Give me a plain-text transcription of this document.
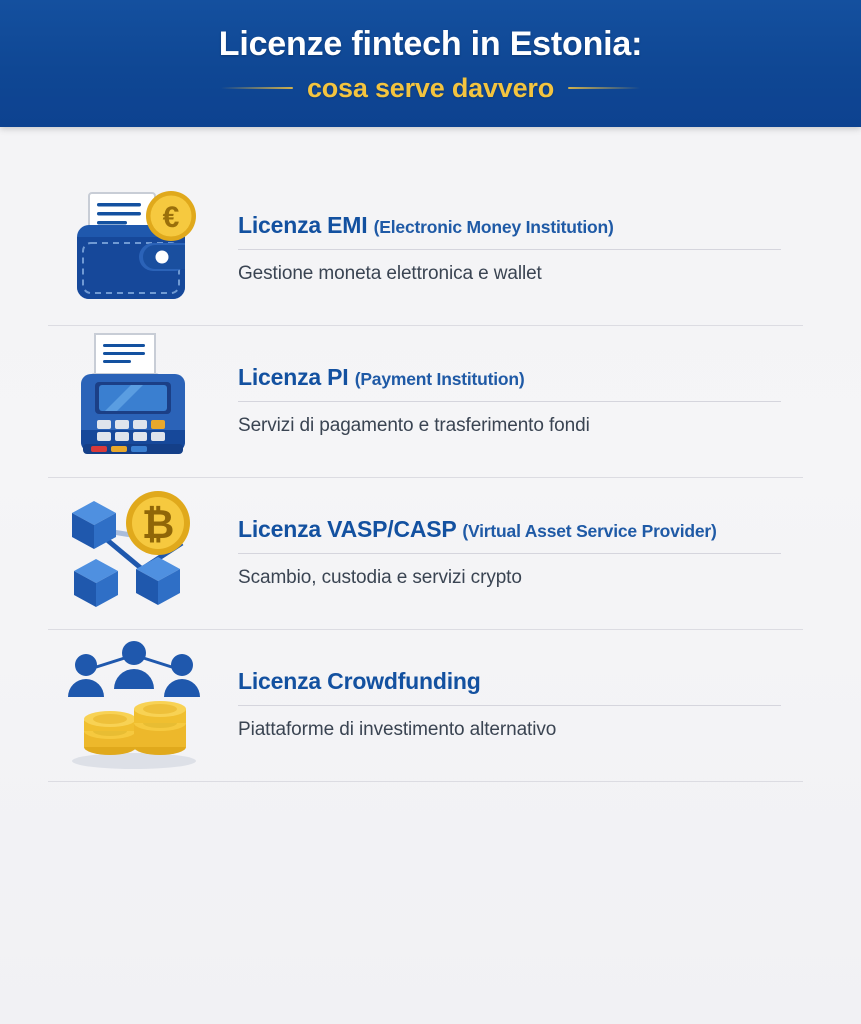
Licenze fintech in Estonia:
cosa serve davvero
€	Licenza EMI (Electronic Money Institution)
Gestione moneta elettronica e wallet
Licenza PI (Payment Institution)
Servizi di pagamento e trasferimento fondi
₿	Licenza VASP/CASP (Virtual Asset Service Provider)
Scambio, custodia e servizi crypto
Licenza Crowdfunding
Piattaforme di investimento alternativo
